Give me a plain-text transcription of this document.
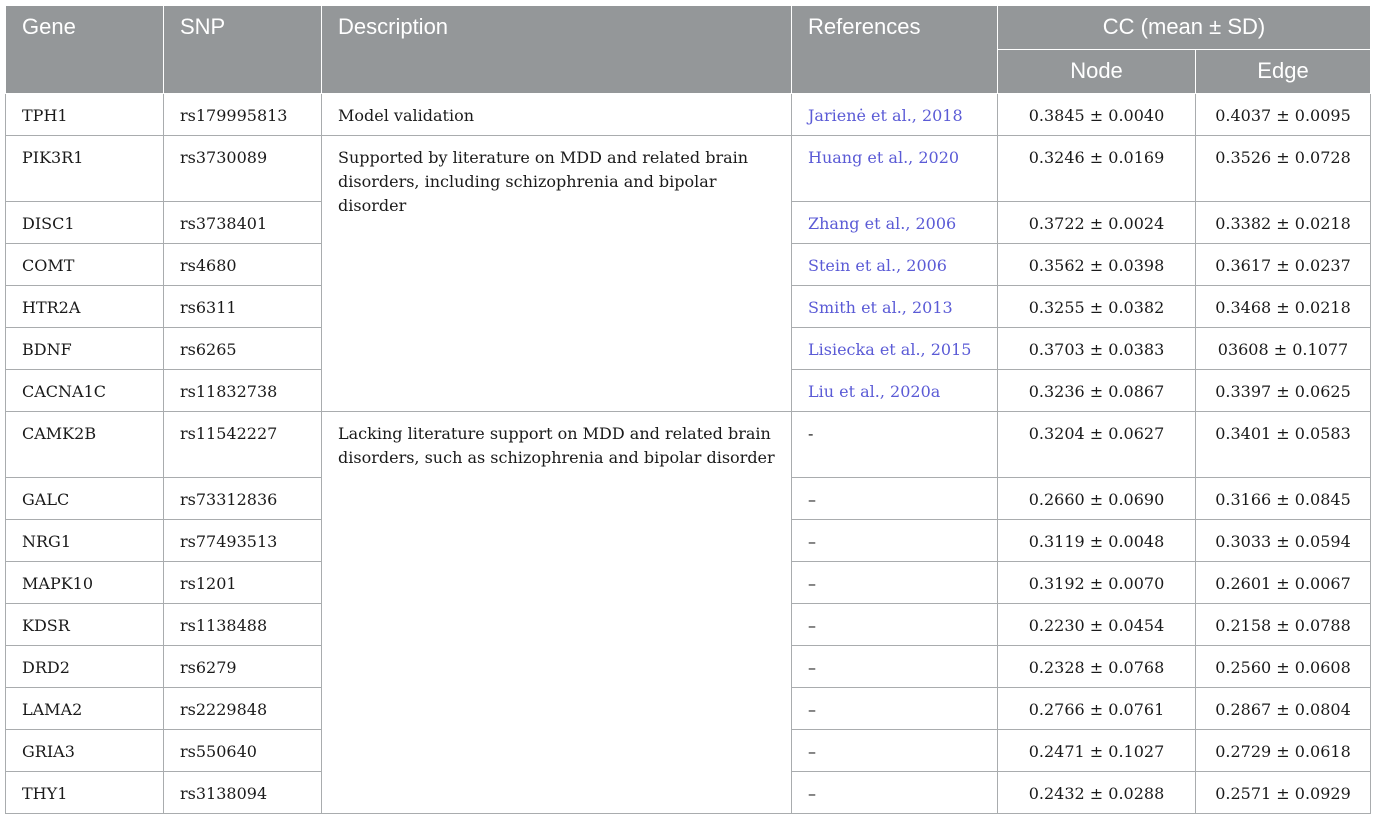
Gene	SNP	Description	References	CC (mean ± SD)	
				Node	Edge
TPH1	rs179995813	Model validation	Jarienė et al., 2018	0.3845 ± 0.0040	0.4037 ± 0.0095
PIK3R1	rs3730089	Supported by literature on MDD and related brain disorders, including schizophrenia and bipolar disorder	Huang et al., 2020	0.3246 ± 0.0169	0.3526 ± 0.0728
DISC1	rs3738401		Zhang et al., 2006	0.3722 ± 0.0024	0.3382 ± 0.0218
COMT	rs4680		Stein et al., 2006	0.3562 ± 0.0398	0.3617 ± 0.0237
HTR2A	rs6311		Smith et al., 2013	0.3255 ± 0.0382	0.3468 ± 0.0218
BDNF	rs6265		Lisiecka et al., 2015	0.3703 ± 0.0383	03608 ± 0.1077
CACNA1C	rs11832738		Liu et al., 2020a	0.3236 ± 0.0867	0.3397 ± 0.0625
CAMK2B	rs11542227	Lacking literature support on MDD and related brain disorders, such as schizophrenia and bipolar disorder	-	0.3204 ± 0.0627	0.3401 ± 0.0583
GALC	rs73312836		–	0.2660 ± 0.0690	0.3166 ± 0.0845
NRG1	rs77493513		–	0.3119 ± 0.0048	0.3033 ± 0.0594
MAPK10	rs1201		–	0.3192 ± 0.0070	0.2601 ± 0.0067
KDSR	rs1138488		–	0.2230 ± 0.0454	0.2158 ± 0.0788
DRD2	rs6279		–	0.2328 ± 0.0768	0.2560 ± 0.0608
LAMA2	rs2229848		–	0.2766 ± 0.0761	0.2867 ± 0.0804
GRIA3	rs550640		–	0.2471 ± 0.1027	0.2729 ± 0.0618
THY1	rs3138094		–	0.2432 ± 0.0288	0.2571 ± 0.0929
